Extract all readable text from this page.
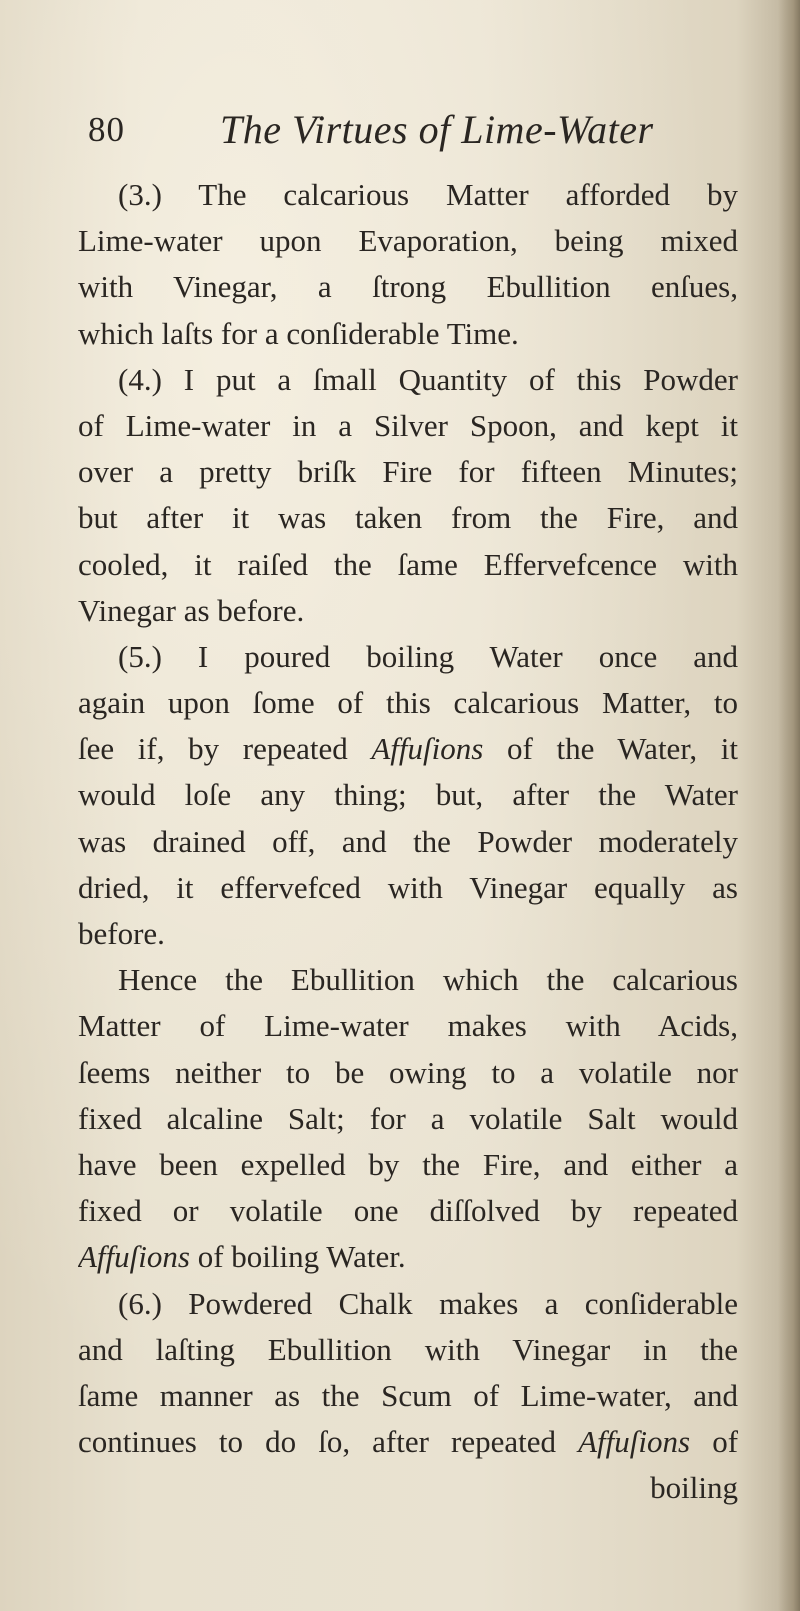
80 The Virtues of Lime-Water
(3.) The calcarious Matter afforded by
Lime-water upon Evaporation, being mixed
with Vinegar, a ſtrong Ebullition enſues,
which laſts for a conſiderable Time.
(4.) I put a ſmall Quantity of this Powder
of Lime-water in a Silver Spoon, and kept it
over a pretty briſk Fire for fifteen Minutes;
but after it was taken from the Fire, and
cooled, it raiſed the ſame Effervefcence with
Vinegar as before.
(5.) I poured boiling Water once and
again upon ſome of this calcarious Matter, to
ſee if, by repeated Affuſions of the Water, it
would loſe any thing; but, after the Water
was drained off, and the Powder moderately
dried, it effervefced with Vinegar equally as
before.
Hence the Ebullition which the calcarious
Matter of Lime-water makes with Acids,
ſeems neither to be owing to a volatile nor
fixed alcaline Salt; for a volatile Salt would
have been expelled by the Fire, and either a
fixed or volatile one diſſolved by repeated
Affuſions of boiling Water.
(6.) Powdered Chalk makes a conſiderable
and laſting Ebullition with Vinegar in the
ſame manner as the Scum of Lime-water, and
continues to do ſo, after repeated Affuſions of
boiling
